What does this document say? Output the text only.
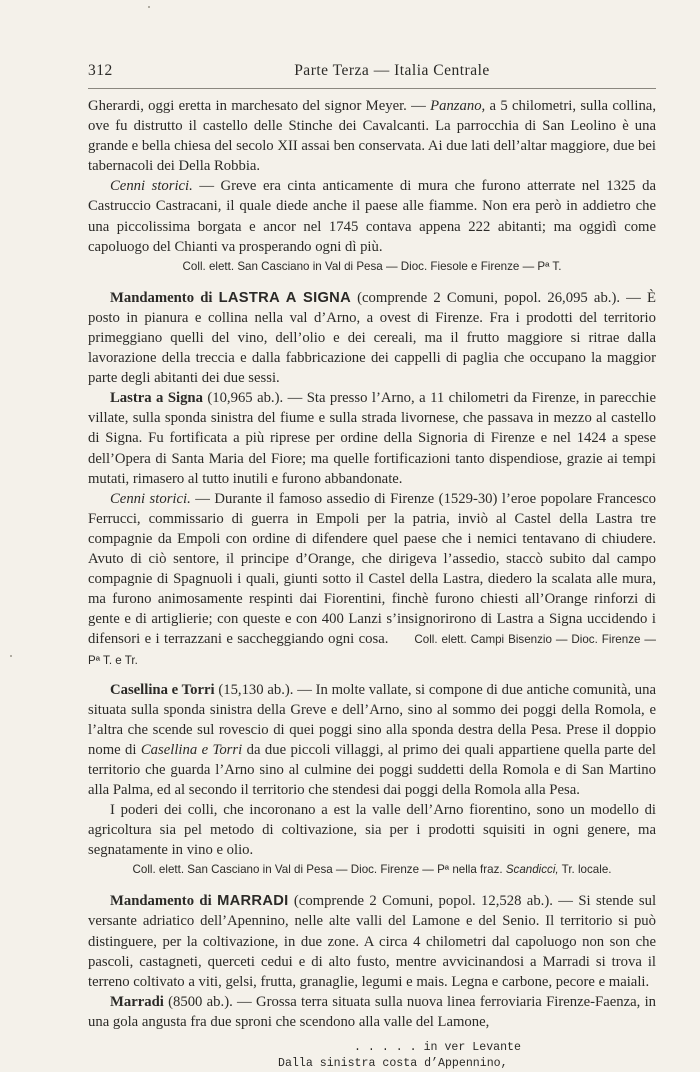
312	Parte Terza — Italia Centrale

Gherardi, oggi eretta in marchesato del signor Meyer. — Panzano, a 5 chilometri, sulla collina, ove fu distrutto il castello delle Stinche dei Cavalcanti. La parrocchia di San Leolino è una grande e bella chiesa del secolo XII assai ben conservata. Ai due lati dell’altar maggiore, due bei tabernacoli dei Della Robbia.

Cenni storici. — Greve era cinta anticamente di mura che furono atterrate nel 1325 da Castruccio Castracani, il quale diede anche il paese alle fiamme. Non era però in addietro che una piccolissima borgata e ancor nel 1745 contava appena 222 abitanti; ma oggidì come capoluogo del Chianti va prosperando ogni dì più.

Coll. elett. San Casciano in Val di Pesa — Dioc. Fiesole e Firenze — Pª T.

Mandamento di LASTRA A SIGNA (comprende 2 Comuni, popol. 26,095 ab.). — È posto in pianura e collina nella val d’Arno, a ovest di Firenze. Fra i prodotti del territorio primeggiano quelli del vino, dell’olio e dei cereali, ma il frutto maggiore si ritrae dalla lavorazione della treccia e dalla fabbricazione dei cappelli di paglia che occupano la maggior parte degli abitanti dei due sessi.

Lastra a Signa (10,965 ab.). — Sta presso l’Arno, a 11 chilometri da Firenze, in parecchie villate, sulla sponda sinistra del fiume e sulla strada livornese, che passava in mezzo al castello di Signa. Fu fortificata a più riprese per ordine della Signoria di Firenze e nel 1424 a spese dell’Opera di Santa Maria del Fiore; ma quelle fortificazioni tanto dispendiose, grazie ai tempi mutati, rimasero al tutto inutili e furono abbandonate.

Cenni storici. — Durante il famoso assedio di Firenze (1529-30) l’eroe popolare Francesco Ferrucci, commissario di guerra in Empoli per la patria, inviò al Castel della Lastra tre compagnie da Empoli con ordine di difendere quel paese che i nemici tentavano di chiudere. Avuto di ciò sentore, il principe d’Orange, che dirigeva l’assedio, staccò subito dal campo compagnie di Spagnuoli i quali, giunti sotto il Castel della Lastra, diedero la scalata alle mura, ma furono animosamente respinti dai Fiorentini, finchè furono chiesti all’Orange rinforzi di gente e di artiglierie; con queste e con 400 Lanzi s’insignorirono di Lastra a Signa uccidendo i difensori e i terrazzani e saccheggiando ogni cosa. Coll. elett. Campi Bisenzio — Dioc. Firenze — Pª T. e Tr.

Casellina e Torri (15,130 ab.). — In molte vallate, si compone di due antiche comunità, una situata sulla sponda sinistra della Greve e dell’Arno, sino al sommo dei poggi della Romola, e l’altra che scende sul rovescio di quei poggi sino alla sponda destra della Pesa. Prese il doppio nome di Casellina e Torri da due piccoli villaggi, al primo dei quali appartiene quella parte del territorio che guarda l’Arno sino al culmine dei poggi suddetti della Romola e di San Martino alla Palma, ed al secondo il territorio che stendesi dai poggi della Romola alla Pesa.

I poderi dei colli, che incoronano a est la valle dell’Arno fiorentino, sono un modello di agricoltura sia pel metodo di coltivazione, sia per i prodotti squisiti in ogni genere, ma segnatamente in vino e olio.

Coll. elett. San Casciano in Val di Pesa — Dioc. Firenze — Pª nella fraz. Scandicci, Tr. locale.

Mandamento di MARRADI (comprende 2 Comuni, popol. 12,528 ab.). — Si stende sul versante adriatico dell’Apennino, nelle alte valli del Lamone e del Senio. Il territorio si può distinguere, per la coltivazione, in due zone. A circa 4 chilometri dal capoluogo non son che pascoli, castagneti, querceti cedui e di alto fusto, mentre avvicinandosi a Marradi si trova il terreno coltivato a viti, gelsi, frutta, granaglie, legumi e mais. Legna e carbone, pecore e maiali.

Marradi (8500 ab.). — Grossa terra situata sulla nuova linea ferroviaria Firenze-Faenza, in una gola angusta fra due sproni che scendono alla valle del Lamone,

. . . . . in ver Levante
Dalla sinistra costa d’Appennino,
